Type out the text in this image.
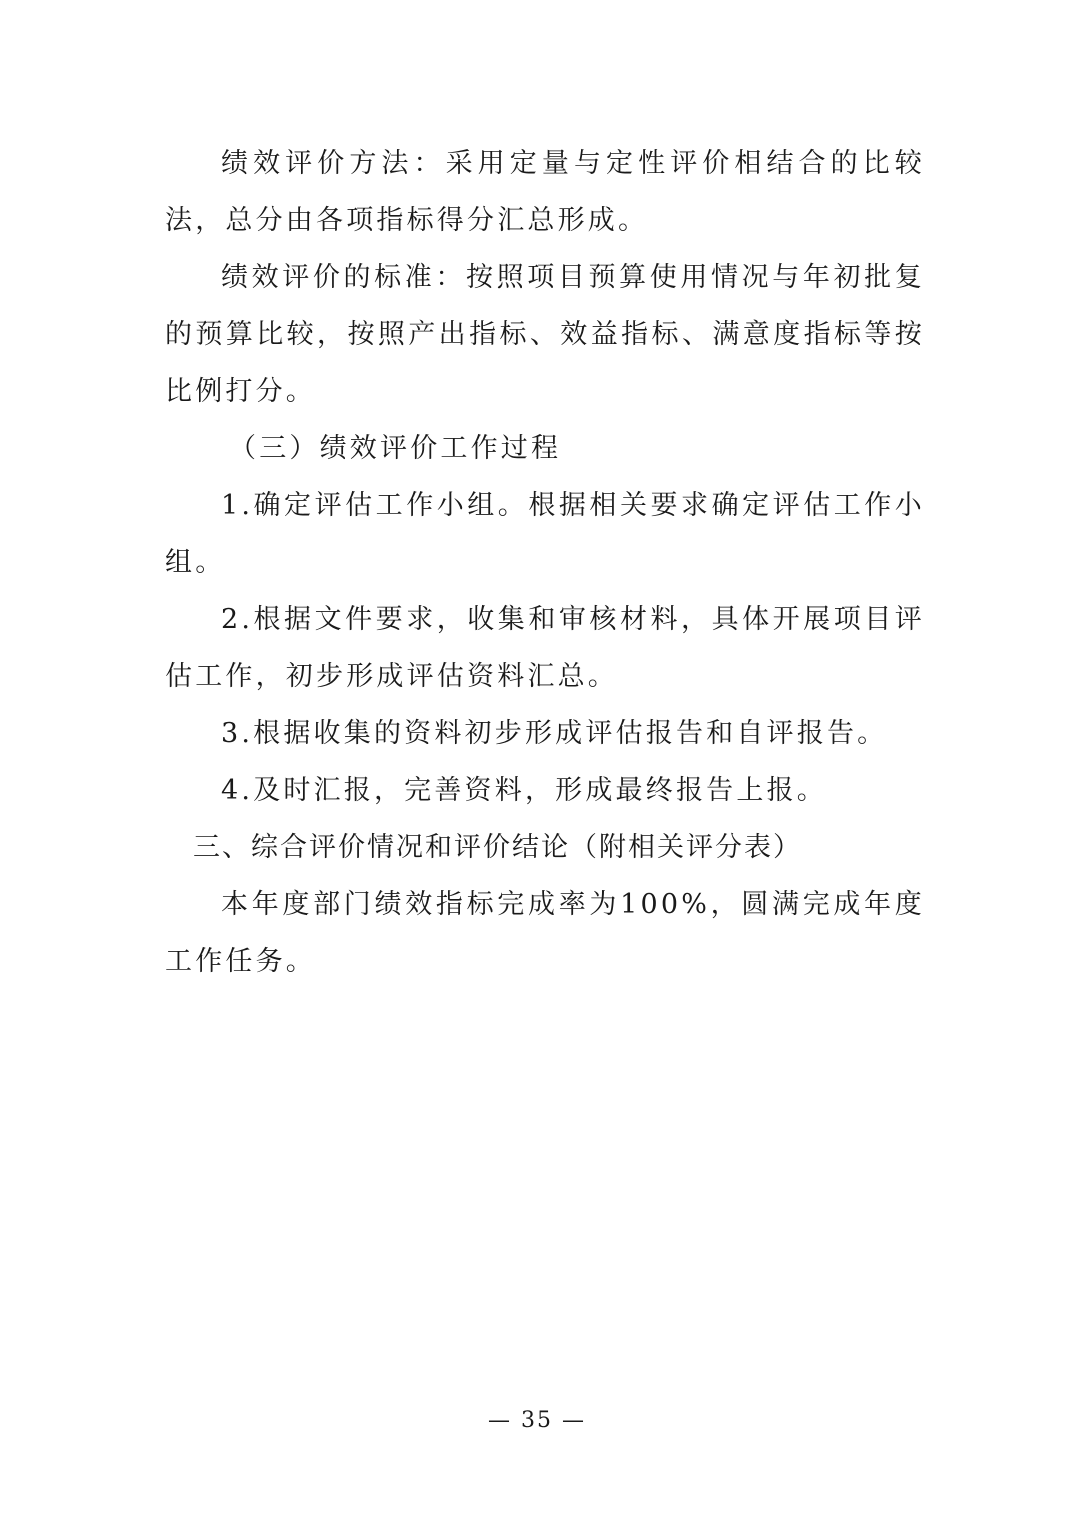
绩效评价方法：采用定量与定性评价相结合的比较法，总分由各项指标得分汇总形成。

绩效评价的标准：按照项目预算使用情况与年初批复的预算比较，按照产出指标、效益指标、满意度指标等按比例打分。

（三）绩效评价工作过程

1.确定评估工作小组。根据相关要求确定评估工作小组。

2.根据文件要求，收集和审核材料，具体开展项目评估工作，初步形成评估资料汇总。

3.根据收集的资料初步形成评估报告和自评报告。

4.及时汇报，完善资料，形成最终报告上报。

三、综合评价情况和评价结论（附相关评分表）

本年度部门绩效指标完成率为100%，圆满完成年度工作任务。

— 35 —
